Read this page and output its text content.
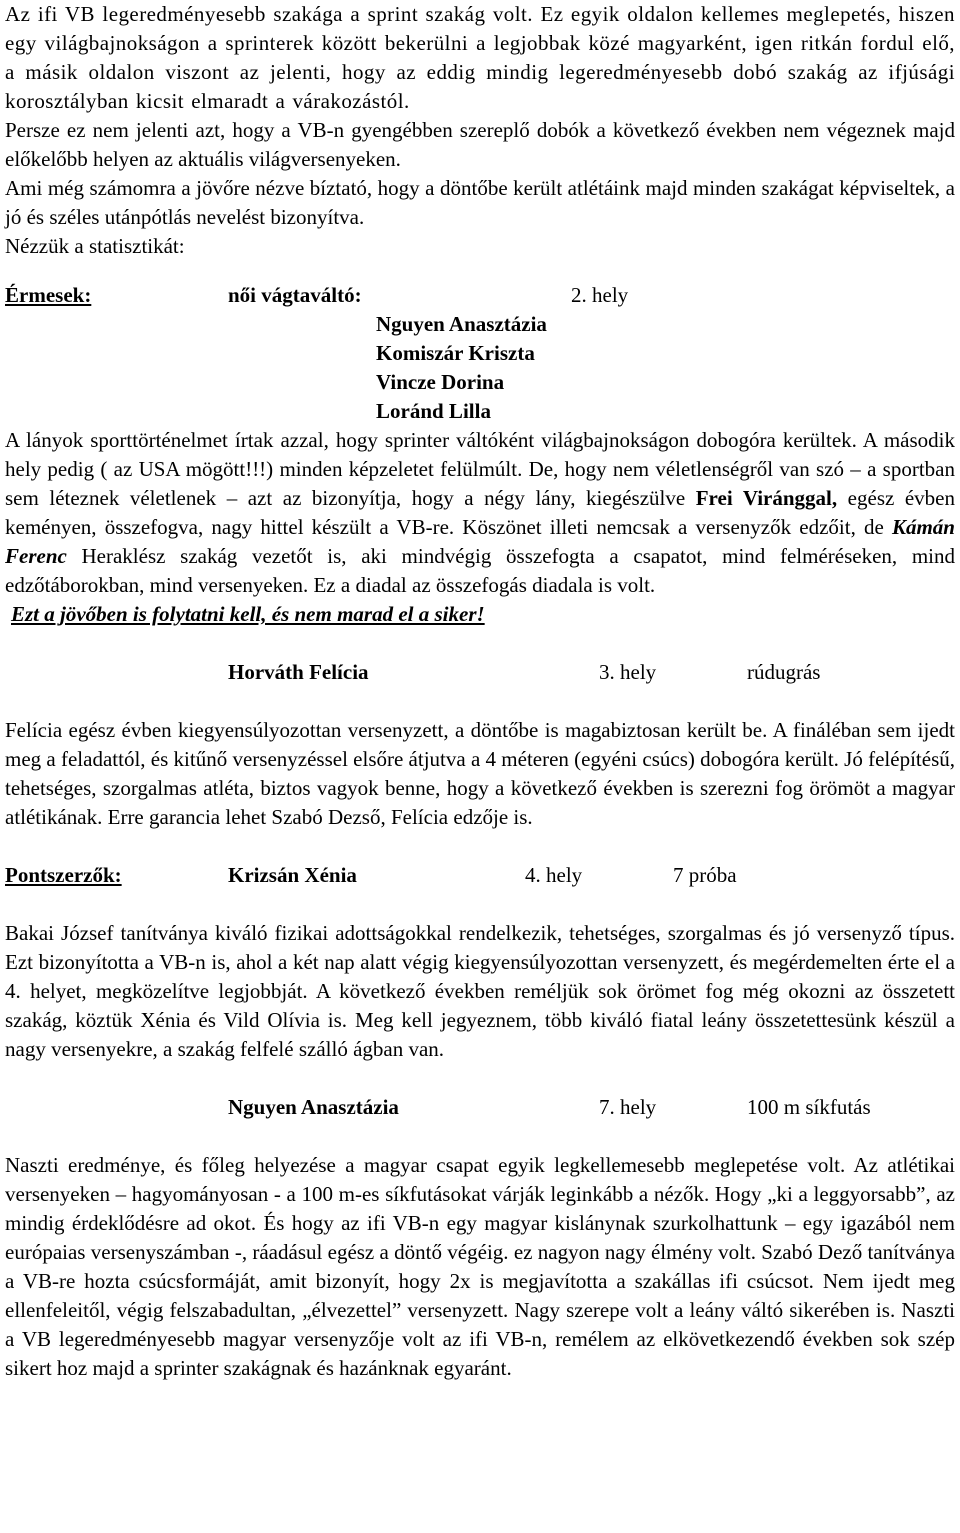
Az ifi VB legeredményesebb szakága a sprint szakág volt. Ez egyik oldalon kellemes meglepetés, hiszen egy világbajnokságon a sprinterek között bekerülni a legjobbak közé magyarként, igen ritkán fordul elő, a másik oldalon viszont az jelenti, hogy az eddig mindig legeredményesebb dobó szakág az ifjúsági korosztályban kicsit elmaradt a várakozástól.

Persze ez nem jelenti azt, hogy a VB-n gyengébben szereplő dobók a következő években nem végeznek majd előkelőbb helyen az aktuális világversenyeken.

Ami még számomra a jövőre nézve bíztató, hogy a döntőbe került atlétáink majd minden szakágat képviseltek, a jó és széles utánpótlás nevelést bizonyítva.

Nézzük a statisztikát:

Érmesek:	női vágtaváltó:	2. hely
Nguyen Anasztázia
Komiszár Kriszta
Vincze Dorina
Loránd Lilla

A lányok sporttörténelmet írtak azzal, hogy sprinter váltóként világbajnokságon dobogóra kerültek. A második hely pedig ( az USA mögött!!!) minden képzeletet felülmúlt. De, hogy nem véletlenségről van szó – a sportban sem léteznek véletlenek – azt az bizonyítja, hogy a négy lány, kiegészülve Frei Viránggal, egész évben keményen, összefogva, nagy hittel készült a VB-re. Köszönet illeti nemcsak a versenyzők edzőit, de Kámán Ferenc Heraklész szakág vezetőt is, aki mindvégig összefogta a csapatot, mind felméréseken, mind edzőtáborokban, mind versenyeken. Ez a diadal az összefogás diadala is volt.

Ezt a jövőben is folytatni kell, és nem marad el a siker!

Horváth Felícia	3. hely	rúdugrás

Felícia egész évben kiegyensúlyozottan versenyzett, a döntőbe is magabiztosan került be. A fináléban sem ijedt meg a feladattól, és kitűnő versenyzéssel elsőre átjutva a 4 méteren (egyéni csúcs) dobogóra került. Jó felépítésű, tehetséges, szorgalmas atléta, biztos vagyok benne, hogy a következő években is szerezni fog örömöt a magyar atlétikának. Erre garancia lehet Szabó Dezső, Felícia edzője is.

Pontszerzők:	Krizsán Xénia	4. hely	7 próba

Bakai József tanítványa kiváló fizikai adottságokkal rendelkezik, tehetséges, szorgalmas és jó versenyző típus. Ezt bizonyította a VB-n is, ahol a két nap alatt végig kiegyensúlyozottan versenyzett, és megérdemelten érte el a 4. helyet, megközelítve legjobbját. A következő években reméljük sok örömet fog még okozni az összetett szakág, köztük Xénia és Vild Olívia is. Meg kell jegyeznem, több kiváló fiatal leány összetettesünk készül a nagy versenyekre, a szakág felfelé szálló ágban van.

Nguyen Anasztázia	7. hely	100 m síkfutás

Naszti eredménye, és főleg helyezése a magyar csapat egyik legkellemesebb meglepetése volt. Az atlétikai versenyeken – hagyományosan - a 100 m-es síkfutásokat várják leginkább a nézők. Hogy „ki a leggyorsabb”, az mindig érdeklődésre ad okot. És hogy az ifi VB-n egy magyar kislánynak szurkolhattunk – egy igazából nem európaias versenyszámban -, ráadásul egész a döntő végéig. ez nagyon nagy élmény volt. Szabó Dező tanítványa a VB-re hozta csúcsformáját, amit bizonyít, hogy 2x is megjavította a szakállas ifi csúcsot. Nem ijedt meg ellenfeleitől, végig felszabadultan, „élvezettel” versenyzett. Nagy szerepe volt a leány váltó sikerében is. Naszti a VB legeredményesebb magyar versenyzője volt az ifi VB-n, remélem az elkövetkezendő években sok szép sikert hoz majd a sprinter szakágnak és hazánknak egyaránt.
